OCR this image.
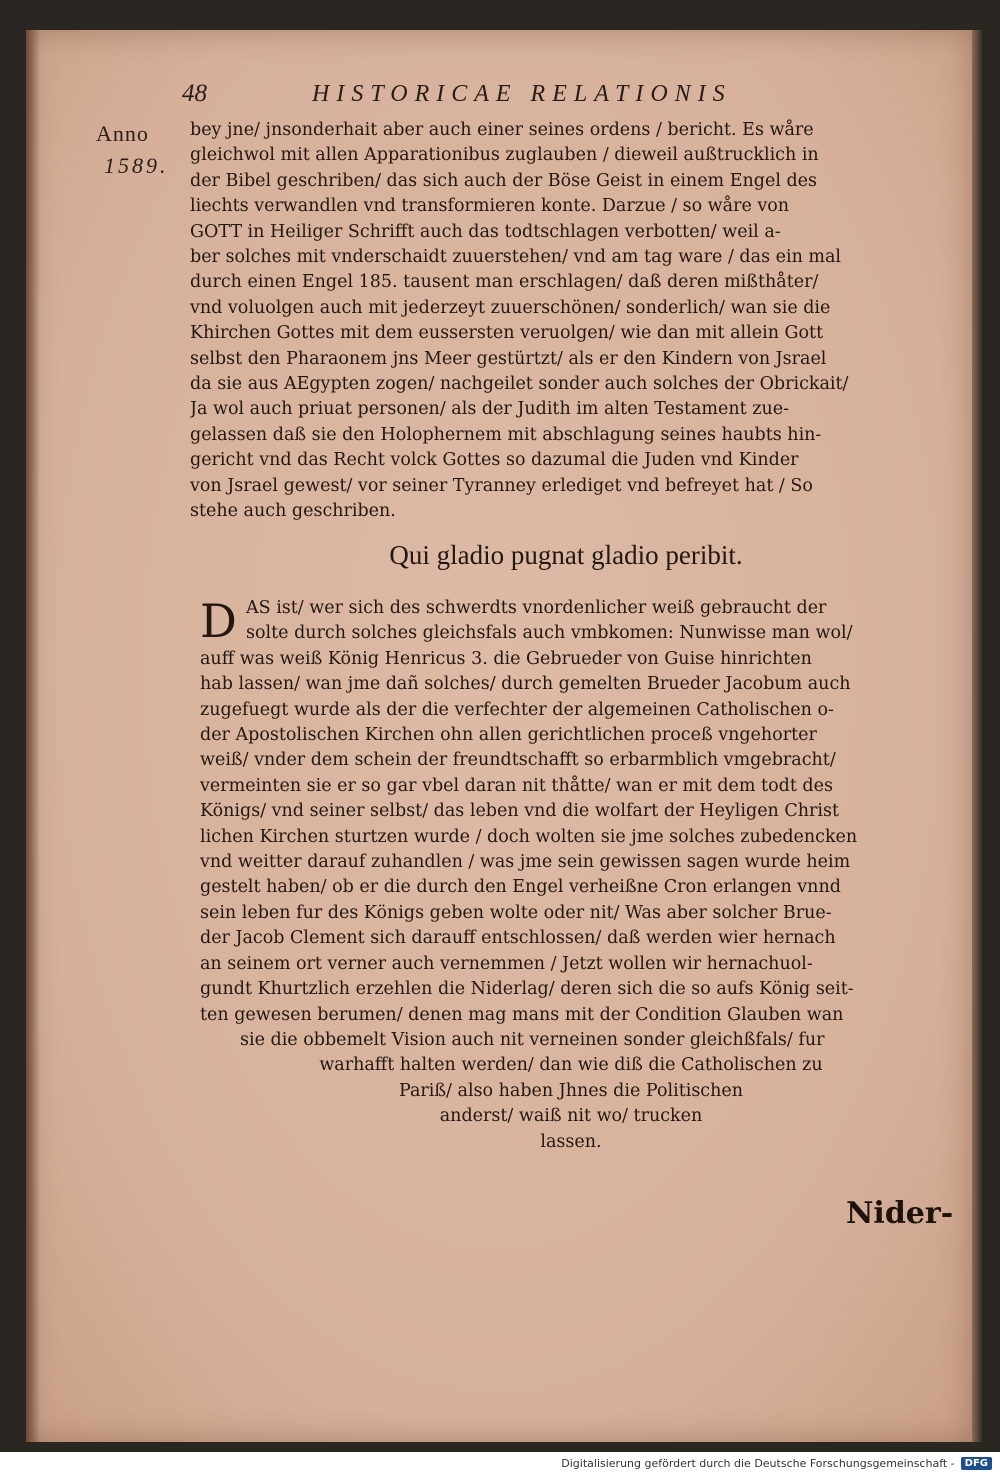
48	HISTORICAE RELATIONIS
Anno
1589.
bey jne/ jnsonderhait aber auch einer seines ordens / bericht. Es wåre
gleichwol mit allen Apparationibus zuglauben / dieweil außtrucklich in
der Bibel geschriben/ das sich auch der Böse Geist in einem Engel des
liechts verwandlen vnd transformieren konte. Darzue / so wåre von
GOTT in Heiliger Schrifft auch das todtschlagen verbotten/ weil a-
ber solches mit vnderschaidt zuuerstehen/ vnd am tag ware / das ein mal
durch einen Engel 185. tausent man erschlagen/ daß deren mißthåter/
vnd voluolgen auch mit jederzeyt zuuerschönen/ sonderlich/ wan sie die
Khirchen Gottes mit dem eussersten veruolgen/ wie dan mit allein Gott
selbst den Pharaonem jns Meer gestürtzt/ als er den Kindern von Jsrael
da sie aus AEgypten zogen/ nachgeilet sonder auch solches der Obrickait/
Ja wol auch priuat personen/ als der Judith im alten Testament zue-
gelassen daß sie den Holophernem mit abschlagung seines haubts hin-
gericht vnd das Recht volck Gottes so dazumal die Juden vnd Kinder
von Jsrael gewest/ vor seiner Tyranney erlediget vnd befreyet hat / So
stehe auch geschriben.
Qui gladio pugnat gladio peribit.
D AS ist/ wer sich des schwerdts vnordenlicher weiß gebraucht der
solte durch solches gleichsfals auch vmbkomen: Nunwisse man wol/
auff was weiß König Henricus 3. die Gebrueder von Guise hinrichten
hab lassen/ wan jme dañ solches/ durch gemelten Brueder Jacobum auch
zugefuegt wurde als der die verfechter der algemeinen Catholischen o-
der Apostolischen Kirchen ohn allen gerichtlichen proceß vngehorter
weiß/ vnder dem schein der freundtschafft so erbarmblich vmgebracht/
vermeinten sie er so gar vbel daran nit thåtte/ wan er mit dem todt des
Königs/ vnd seiner selbst/ das leben vnd die wolfart der Heyligen Christ
lichen Kirchen sturtzen wurde / doch wolten sie jme solches zubedencken
vnd weitter darauf zuhandlen / was jme sein gewissen sagen wurde heim
gestelt haben/ ob er die durch den Engel verheißne Cron erlangen vnnd
sein leben fur des Königs geben wolte oder nit/ Was aber solcher Brue-
der Jacob Clement sich darauff entschlossen/ daß werden wier hernach
an seinem ort verner auch vernemmen / Jetzt wollen wir hernachuol-
gundt Khurtzlich erzehlen die Niderlag/ deren sich die so aufs König seit-
ten gewesen berumen/ denen mag mans mit der Condition Glauben wan
sie die obbemelt Vision auch nit verneinen sonder gleichßfals/ fur
warhafft halten werden/ dan wie diß die Catholischen zu
Pariß/ also haben Jhnes die Politischen
anderst/ waiß nit wo/ trucken
lassen.
Nider-
Digitalisierung gefördert durch die Deutsche Forschungsgemeinschaft -	DFG
